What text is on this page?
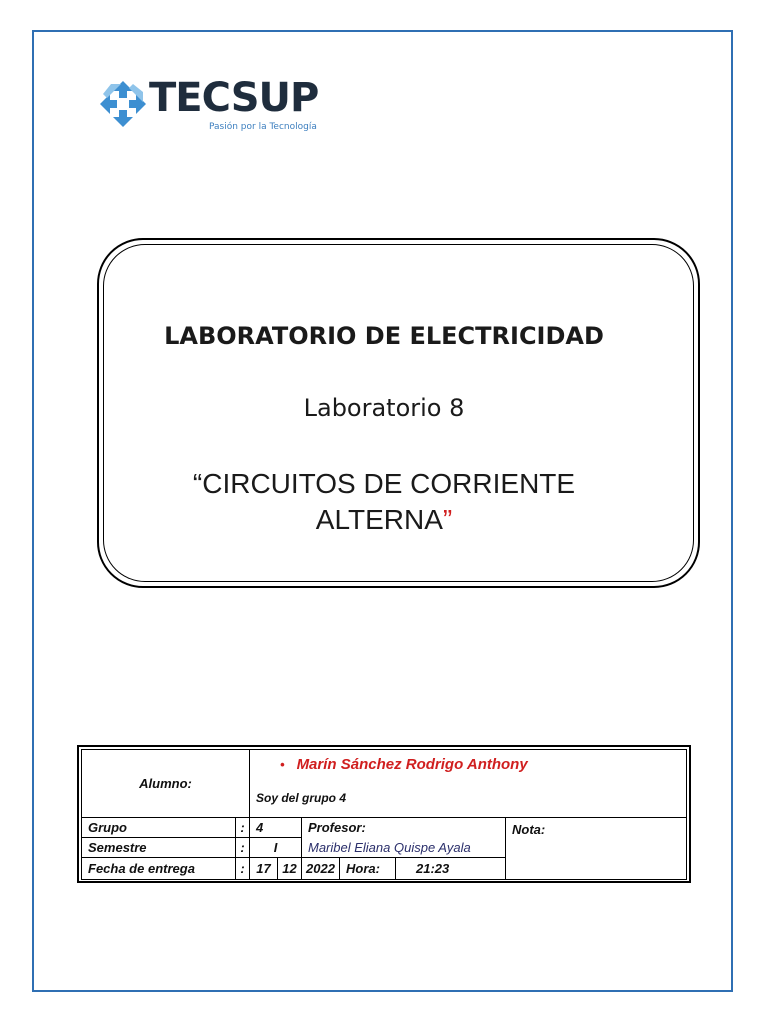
TECSUP
Pasión por la Tecnología
LABORATORIO DE ELECTRICIDAD
Laboratorio 8
“CIRCUITOS DE CORRIENTE
ALTERNA”
Alumno:		• Marín Sánchez Rodrigo Anthony
Soy del grupo 4					

Grupo	:	4		Profesor:			Nota:
Semestre	:	I		Maribel Eliana Quispe Ayala			
Fecha de entrega	:	17	12	2022	Hora:	21:23	
